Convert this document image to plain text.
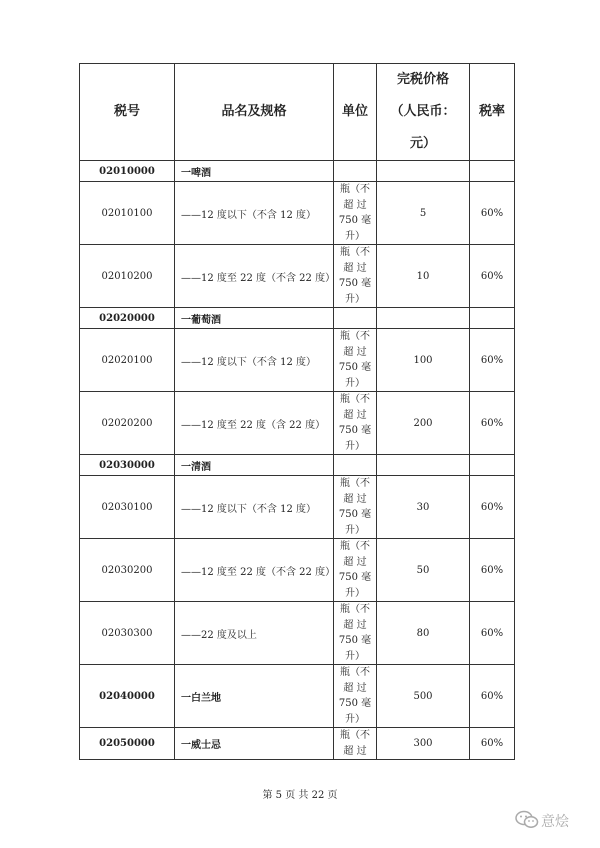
税号	品名及规格	单位	完税价格
（人民币：
元）	税率
02010000	一啤酒			
02010100	——12 度以下（不含 12 度）	瓶（不
超 过
750 毫
升）	5	60%
02010200	——12 度至 22 度（不含 22 度）	瓶（不
超 过
750 毫
升）	10	60%
02020000	一葡萄酒			
02020100	——12 度以下（不含 12 度）	瓶（不
超 过
750 毫
升）	100	60%
02020200	——12 度至 22 度（含 22 度）	瓶（不
超 过
750 毫
升）	200	60%
02030000	一清酒			
02030100	——12 度以下（不含 12 度）	瓶（不
超 过
750 毫
升）	30	60%
02030200	——12 度至 22 度（不含 22 度）	瓶（不
超 过
750 毫
升）	50	60%
02030300	——22 度及以上	瓶（不
超 过
750 毫
升）	80	60%
02040000	一白兰地	瓶（不
超 过
750 毫
升）	500	60%
02050000	一威士忌	瓶（不
超 过	300	60%
第 5 页 共 22 页
意烩
